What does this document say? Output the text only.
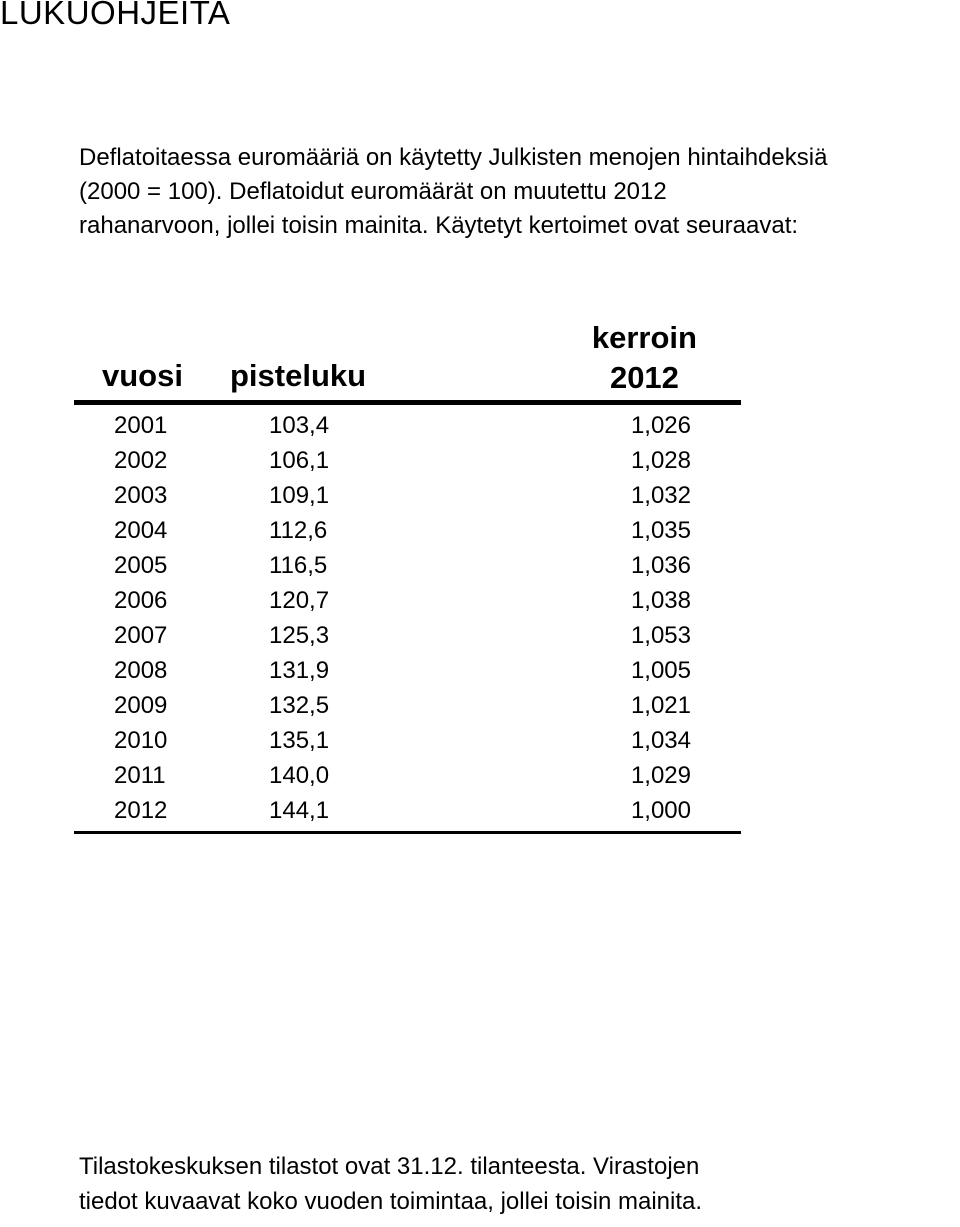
LUKUOHJEITA

Deflatoitaessa euromääriä on käytetty Julkisten menojen hintaihdeksiä
(2000 = 100). Deflatoidut euromäärät on muutettu 2012
rahanarvoon, jollei toisin mainita. Käytetyt kertoimet ovat seuraavat:

vuosi pisteluku
kerroin
2012
2001	103,4	1,026
2002	106,1	1,028
2003	109,1	1,032
2004	112,6	1,035
2005	116,5	1,036
2006	120,7	1,038
2007	125,3	1,053
2008	131,9	1,005
2009	132,5	1,021
2010	135,1	1,034
2011	140,0	1,029
2012	144,1	1,000

Tilastokeskuksen tilastot ovat 31.12. tilanteesta. Virastojen
tiedot kuvaavat koko vuoden toimintaa, jollei toisin mainita.
